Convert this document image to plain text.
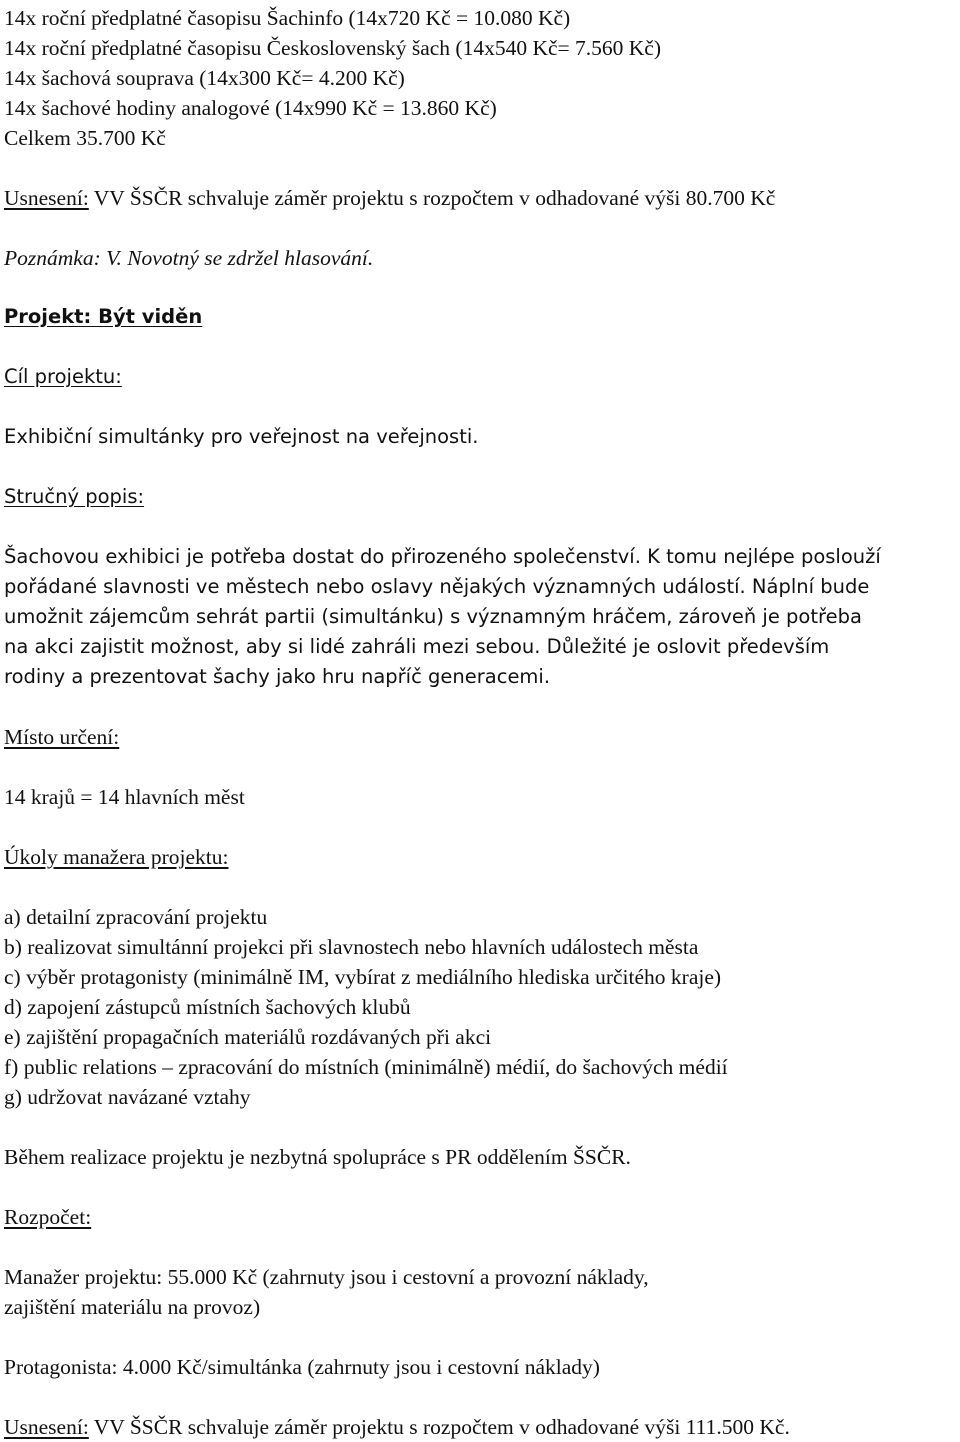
14x roční předplatné časopisu Šachinfo (14x720 Kč = 10.080 Kč)
14x roční předplatné časopisu Československý šach (14x540 Kč= 7.560 Kč)
14x šachová souprava (14x300 Kč= 4.200 Kč)
14x šachové hodiny analogové (14x990 Kč = 13.860 Kč)
Celkem 35.700 Kč
Usnesení: VV ŠSČR schvaluje záměr projektu s rozpočtem v odhadované výši 80.700 Kč
Poznámka: V. Novotný se zdržel hlasování.
Projekt: Být viděn
Cíl projektu:
Exhibiční simultánky pro veřejnost na veřejnosti.
Stručný popis:
Šachovou exhibici je potřeba dostat do přirozeného společenství. K tomu nejlépe poslouží
pořádané slavnosti ve městech nebo oslavy nějakých významných událostí. Náplní bude
umožnit zájemcům sehrát partii (simultánku) s významným hráčem, zároveň je potřeba
na akci zajistit možnost, aby si lidé zahráli mezi sebou. Důležité je oslovit především
rodiny a prezentovat šachy jako hru napříč generacemi.
Místo určení:
14 krajů = 14 hlavních měst
Úkoly manažera projektu:
a) detailní zpracování projektu
b) realizovat simultánní projekci při slavnostech nebo hlavních událostech města
c) výběr protagonisty (minimálně IM, vybírat z mediálního hlediska určitého kraje)
d) zapojení zástupců místních šachových klubů
e) zajištění propagačních materiálů rozdávaných při akci
f) public relations – zpracování do místních (minimálně) médií, do šachových médií
g) udržovat navázané vztahy
Během realizace projektu je nezbytná spolupráce s PR oddělením ŠSČR.
Rozpočet:
Manažer projektu: 55.000 Kč (zahrnuty jsou i cestovní a provozní náklady,
zajištění materiálu na provoz)
Protagonista: 4.000 Kč/simultánka (zahrnuty jsou i cestovní náklady)
Usnesení: VV ŠSČR schvaluje záměr projektu s rozpočtem v odhadované výši 111.500 Kč.
